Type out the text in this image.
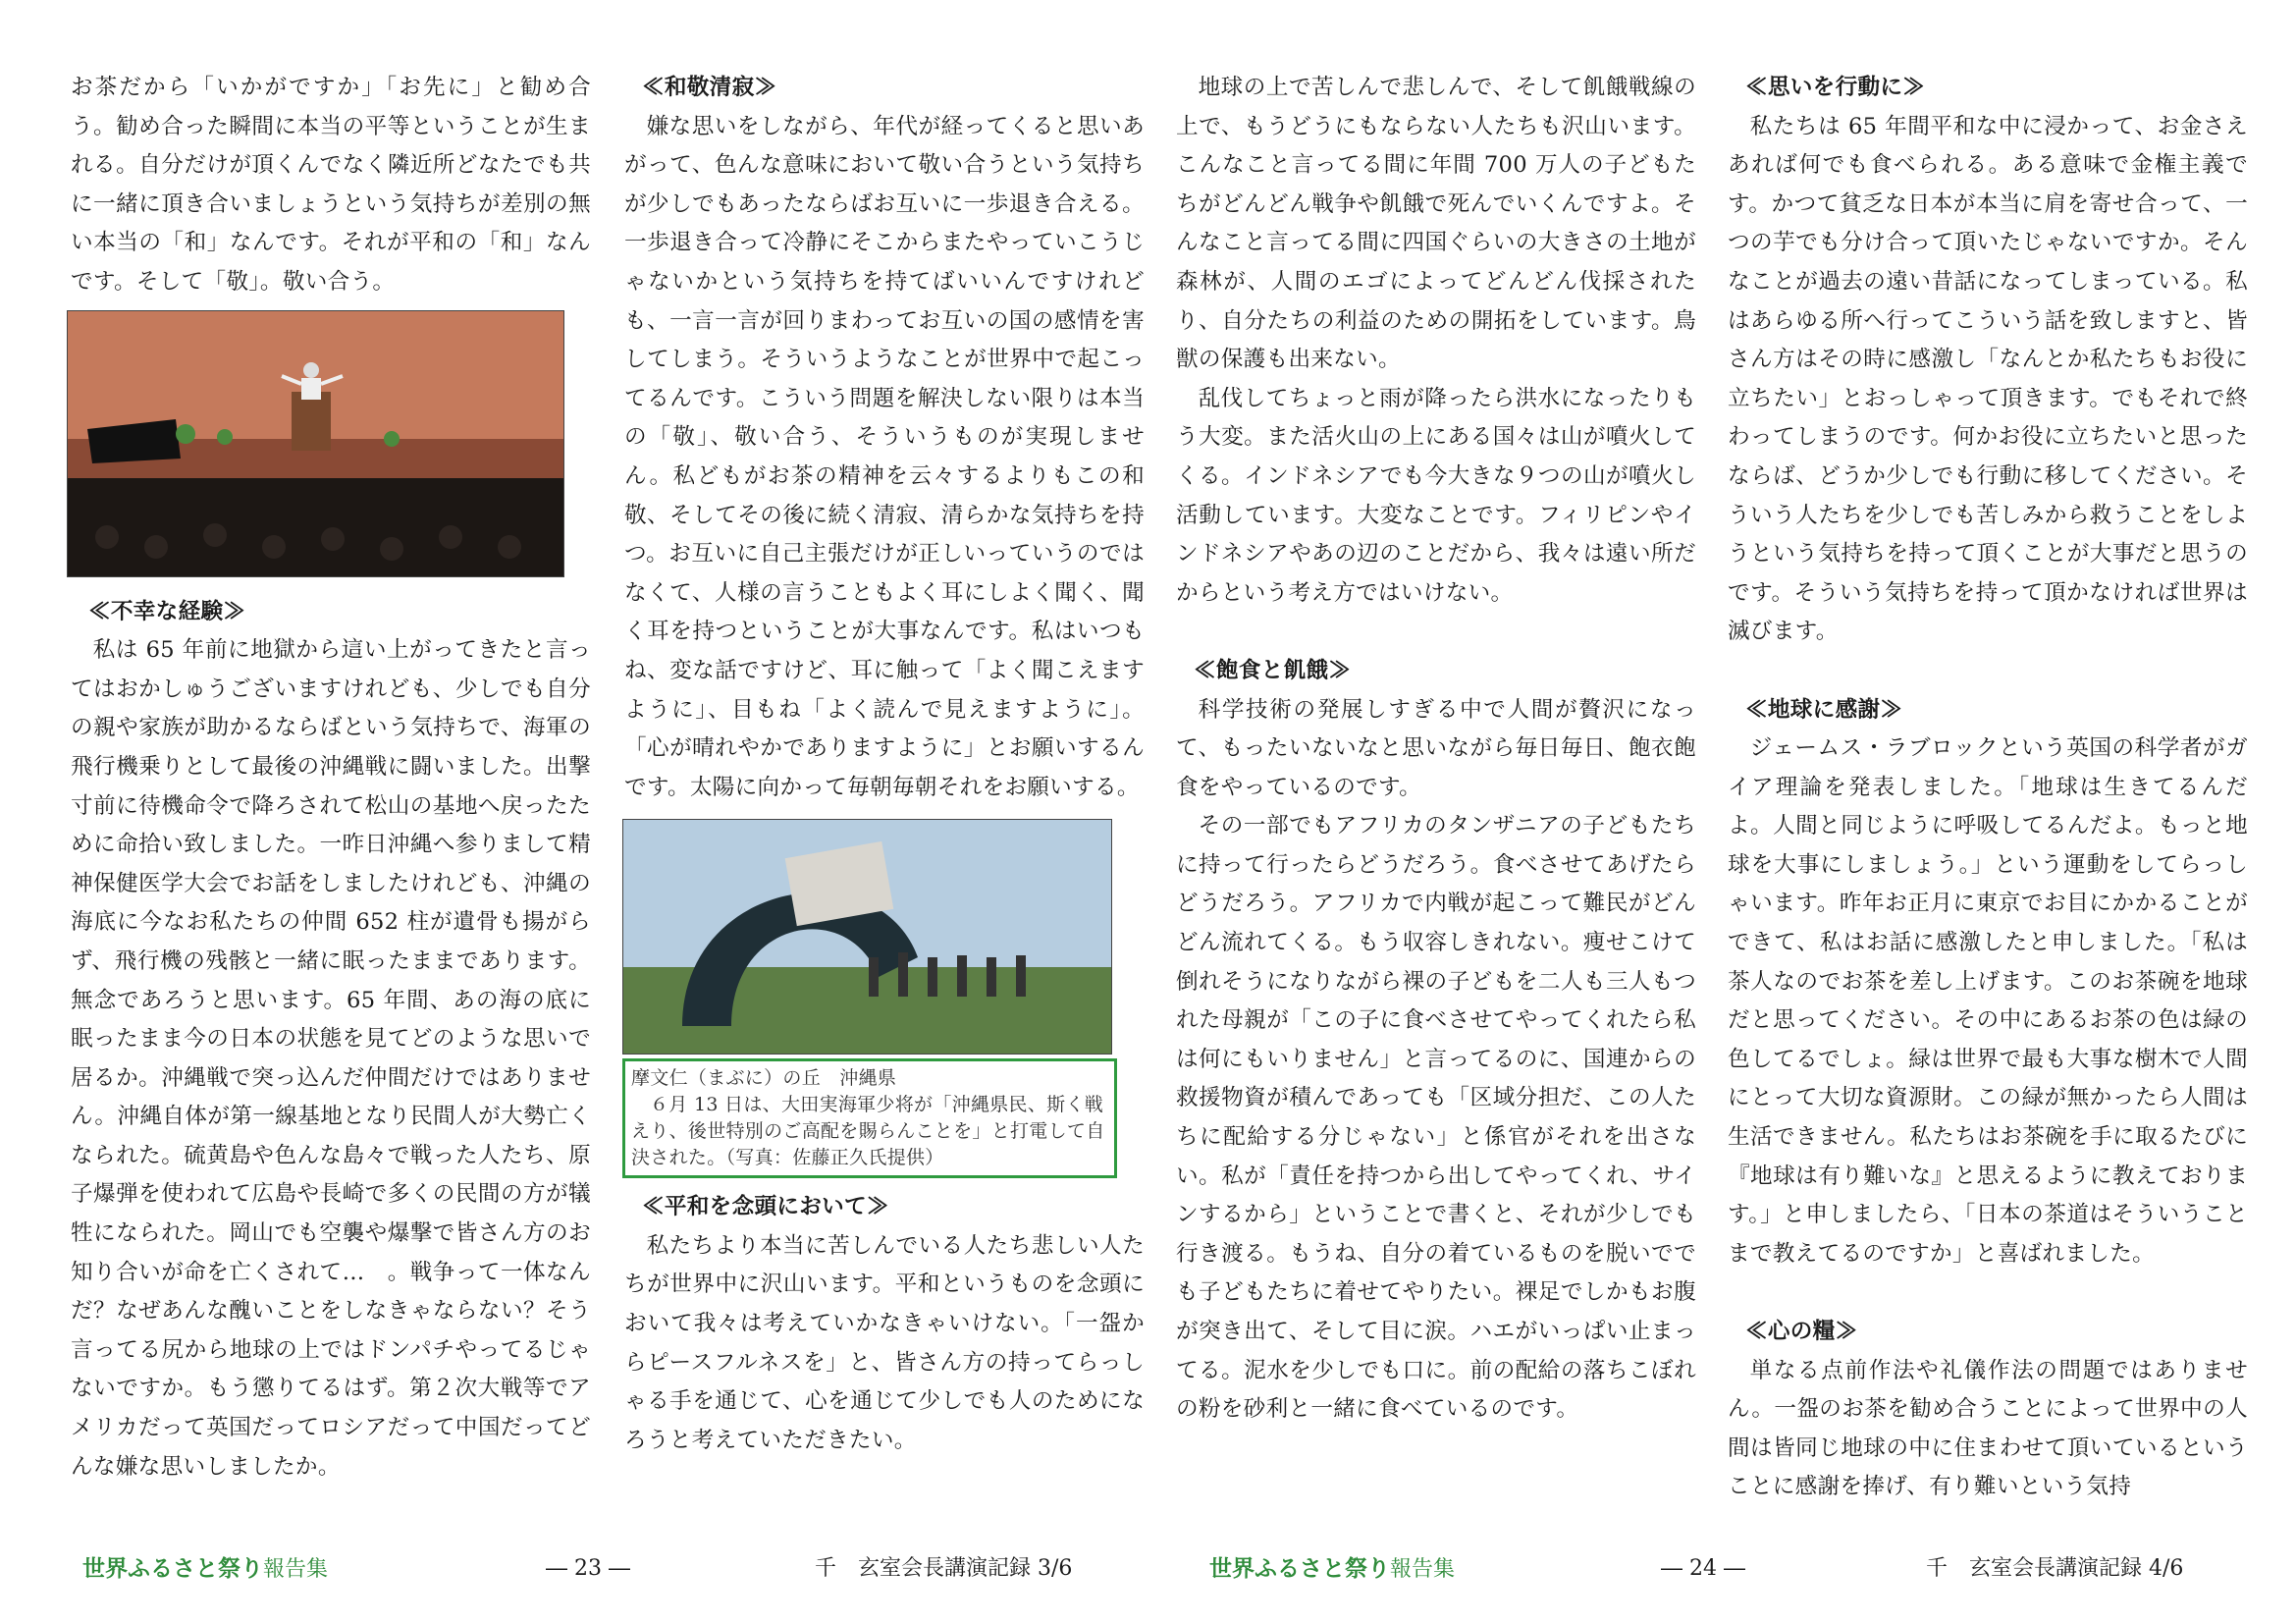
お茶だから「いかがですか」「お先に」と勧め合う。勧め合った瞬間に本当の平等ということが生まれる。自分だけが頂くんでなく隣近所どなたでも共に一緒に頂き合いましょうという気持ちが差別の無い本当の「和」なんです。それが平和の「和」なんです。そして「敬」。敬い合う。

≪不幸な経験≫

私は 65 年前に地獄から這い上がってきたと言ってはおかしゅうございますけれども、少しでも自分の親や家族が助かるならばという気持ちで、海軍の飛行機乗りとして最後の沖縄戦に闘いました。出撃寸前に待機命令で降ろされて松山の基地へ戻ったために命拾い致しました。一昨日沖縄へ参りまして精神保健医学大会でお話をしましたけれども、沖縄の海底に今なお私たちの仲間 652 柱が遺骨も揚がらず、飛行機の残骸と一緒に眠ったままであります。無念であろうと思います。65 年間、あの海の底に眠ったまま今の日本の状態を見てどのような思いで居るか。沖縄戦で突っ込んだ仲間だけではありません。沖縄自体が第一線基地となり民間人が大勢亡くなられた。硫黄島や色んな島々で戦った人たち、原子爆弾を使われて広島や長崎で多くの民間の方が犠牲になられた。岡山でも空襲や爆撃で皆さん方のお知り合いが命を亡くされて…　。戦争って一体なんだ？なぜあんな醜いことをしなきゃならない？そう言ってる尻から地球の上ではドンパチやってるじゃないですか。もう懲りてるはず。第２次大戦等でアメリカだって英国だってロシアだって中国だってどんな嫌な思いしましたか。

≪和敬清寂≫

嫌な思いをしながら、年代が経ってくると思いあがって、色んな意味において敬い合うという気持ちが少しでもあったならばお互いに一歩退き合える。一歩退き合って冷静にそこからまたやっていこうじゃないかという気持ちを持てばいいんですけれども、一言一言が回りまわってお互いの国の感情を害してしまう。そういうようなことが世界中で起こってるんです。こういう問題を解決しない限りは本当の「敬」、敬い合う、そういうものが実現しません。私どもがお茶の精神を云々するよりもこの和敬、そしてその後に続く清寂、清らかな気持ちを持つ。お互いに自己主張だけが正しいっていうのではなくて、人様の言うこともよく耳にしよく聞く、聞く耳を持つということが大事なんです。私はいつもね、変な話ですけど、耳に触って「よく聞こえますように」、目もね「よく読んで見えますように」。「心が晴れやかでありますように」とお願いするんです。太陽に向かって毎朝毎朝それをお願いする。

摩文仁（まぶに）の丘　沖縄県
６月 13 日は、大田実海軍少将が「沖縄県民、斯く戦えり、後世特別のご高配を賜らんことを」と打電して自決された。（写真：佐藤正久氏提供）
≪平和を念頭において≫

私たちより本当に苦しんでいる人たち悲しい人たちが世界中に沢山います。平和というものを念頭において我々は考えていかなきゃいけない。「一盌からピースフルネスを」と、皆さん方の持ってらっしゃる手を通じて、心を通じて少しでも人のためになろうと考えていただきたい。

地球の上で苦しんで悲しんで、そして飢餓戦線の上で、もうどうにもならない人たちも沢山います。こんなこと言ってる間に年間 700 万人の子どもたちがどんどん戦争や飢餓で死んでいくんですよ。そんなこと言ってる間に四国ぐらいの大きさの土地が森林が、人間のエゴによってどんどん伐採されたり、自分たちの利益のための開拓をしています。鳥獣の保護も出来ない。

乱伐してちょっと雨が降ったら洪水になったりもう大変。また活火山の上にある国々は山が噴火してくる。インドネシアでも今大きな９つの山が噴火し活動しています。大変なことです。フィリピンやインドネシアやあの辺のことだから、我々は遠い所だからという考え方ではいけない。

≪飽食と飢餓≫

科学技術の発展しすぎる中で人間が贅沢になって、もったいないなと思いながら毎日毎日、飽衣飽食をやっているのです。

その一部でもアフリカのタンザニアの子どもたちに持って行ったらどうだろう。食べさせてあげたらどうだろう。アフリカで内戦が起こって難民がどんどん流れてくる。もう収容しきれない。痩せこけて倒れそうになりながら裸の子どもを二人も三人もつれた母親が「この子に食べさせてやってくれたら私は何にもいりません」と言ってるのに、国連からの救援物資が積んであっても「区域分担だ、この人たちに配給する分じゃない」と係官がそれを出さない。私が「責任を持つから出してやってくれ、サインするから」ということで書くと、それが少しでも行き渡る。もうね、自分の着ているものを脱いででも子どもたちに着せてやりたい。裸足でしかもお腹が突き出て、そして目に涙。ハエがいっぱい止まってる。泥水を少しでも口に。前の配給の落ちこぼれの粉を砂利と一緒に食べているのです。

≪思いを行動に≫

私たちは 65 年間平和な中に浸かって、お金さえあれば何でも食べられる。ある意味で金権主義です。かつて貧乏な日本が本当に肩を寄せ合って、一つの芋でも分け合って頂いたじゃないですか。そんなことが過去の遠い昔話になってしまっている。私はあらゆる所へ行ってこういう話を致しますと、皆さん方はその時に感激し「なんとか私たちもお役に立ちたい」とおっしゃって頂きます。でもそれで終わってしまうのです。何かお役に立ちたいと思ったならば、どうか少しでも行動に移してください。そういう人たちを少しでも苦しみから救うことをしようという気持ちを持って頂くことが大事だと思うのです。そういう気持ちを持って頂かなければ世界は滅びます。

≪地球に感謝≫

ジェームス・ラブロックという英国の科学者がガイア理論を発表しました。「地球は生きてるんだよ。人間と同じように呼吸してるんだよ。もっと地球を大事にしましょう。」という運動をしてらっしゃいます。昨年お正月に東京でお目にかかることができて、私はお話に感激したと申しました。「私は茶人なのでお茶を差し上げます。このお茶碗を地球だと思ってください。その中にあるお茶の色は緑の色してるでしょ。緑は世界で最も大事な樹木で人間にとって大切な資源財。この緑が無かったら人間は生活できません。私たちはお茶碗を手に取るたびに『地球は有り難いな』と思えるように教えております。」と申しましたら、「日本の茶道はそういうことまで教えてるのですか」と喜ばれました。

≪心の糧≫

単なる点前作法や礼儀作法の問題ではありません。一盌のお茶を勧め合うことによって世界中の人間は皆同じ地球の中に住まわせて頂いているということに感謝を捧げ、有り難いという気持

世界ふるさと祭り報告集	― 23 ―	千　玄室会長講演記録 3/6	世界ふるさと祭り報告集	― 24 ―	千　玄室会長講演記録 4/6
